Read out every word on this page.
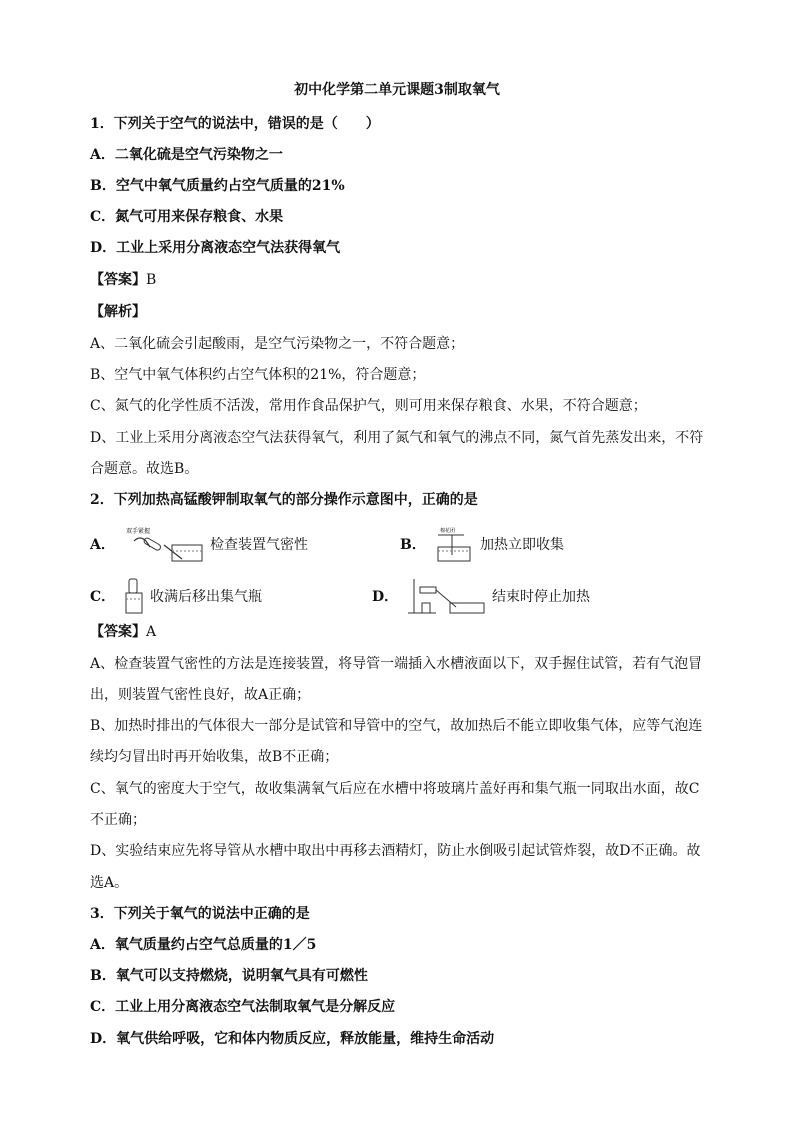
初中化学第二单元课题3制取氧气
1．下列关于空气的说法中，错误的是（　　）
A．二氧化硫是空气污染物之一
B．空气中氧气质量约占空气质量的21%
C．氮气可用来保存粮食、水果
D．工业上采用分离液态空气法获得氧气
【答案】B
【解析】
A、二氧化硫会引起酸雨，是空气污染物之一，不符合题意；
B、空气中氧气体积约占空气体积的21%，符合题意；
C、氮气的化学性质不活泼，常用作食品保护气，则可用来保存粮食、水果，不符合题意；
D、工业上采用分离液态空气法获得氧气，利用了氮气和氧气的沸点不同，氮气首先蒸发出来，不符
合题意。故选B。
2．下列加热高锰酸钾制取氧气的部分操作示意图中，正确的是
A．
双手紧握
检查装置气密性	B．
棉花团
加热立即收集
C．	收满后移出集气瓶	D．	结束时停止加热
【答案】A
A、检查装置气密性的方法是连接装置，将导管一端插入水槽液面以下，双手握住试管，若有气泡冒
出，则装置气密性良好，故A正确；
B、加热时排出的气体很大一部分是试管和导管中的空气，故加热后不能立即收集气体，应等气泡连
续均匀冒出时再开始收集，故B不正确；
C、氧气的密度大于空气，故收集满氧气后应在水槽中将玻璃片盖好再和集气瓶一同取出水面，故C
不正确；
D、实验结束应先将导管从水槽中取出中再移去酒精灯，防止水倒吸引起试管炸裂，故D不正确。故
选A。
3．下列关于氧气的说法中正确的是
A．氧气质量约占空气总质量的1／5
B．氧气可以支持燃烧，说明氧气具有可燃性
C．工业上用分离液态空气法制取氧气是分解反应
D．氧气供给呼吸，它和体内物质反应，释放能量，维持生命活动
